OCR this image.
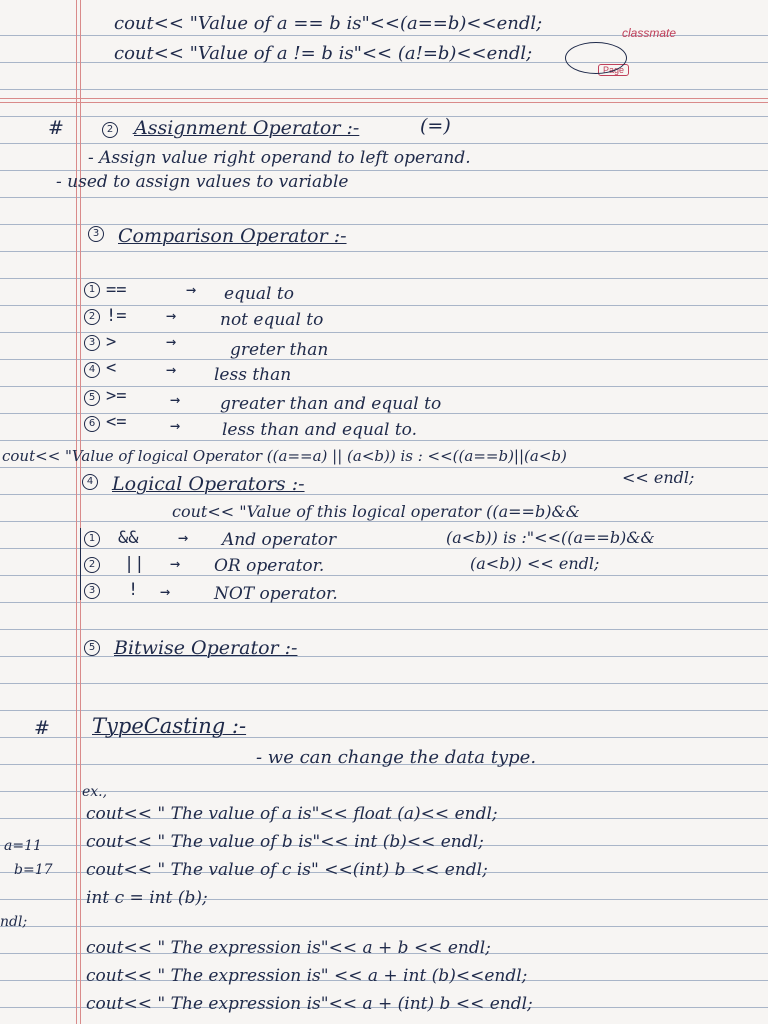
classmate
Page
cout<< "Value of a == b is"<<(a==b)<<endl;
cout<< "Value of a != b is"<< (a!=b)<<endl;
#	2 Assignment Operator :-	(=)
- Assign value right operand to left operand.
- used to assign values to variable
3 Comparison Operator :-
1 ==	→ equal to
2 != →	not equal to
3 >	→	greter than
4 <	→ less than
5 >=	→ greater than and equal to
6 <=	→ less than and equal to.
cout<< "Value of logical Operator ((a==a) || (a<b)) is : <<((a==b)||(a<b)
<< endl;
4 Logical Operators :-
cout<< "Value of this logical operator ((a==b)&&
(a<b)) is :"<<((a==b)&&
(a<b)) << endl;
1 && → And operator
2 || → OR operator.
3 ! →	NOT operator.
5 Bitwise Operator :-
# TypeCasting :-
- we can change the data type.
ex.,
a=11
b=17
ndl;
cout<< " The value of a is"<< float (a)<< endl;
cout<< " The value of b is"<< int (b)<< endl;
cout<< " The value of c is" <<(int) b << endl;
int c = int (b);
cout<< " The expression is"<< a + b << endl;
cout<< " The expression is" << a + int (b)<<endl;
cout<< " The expression is"<< a + (int) b << endl;
